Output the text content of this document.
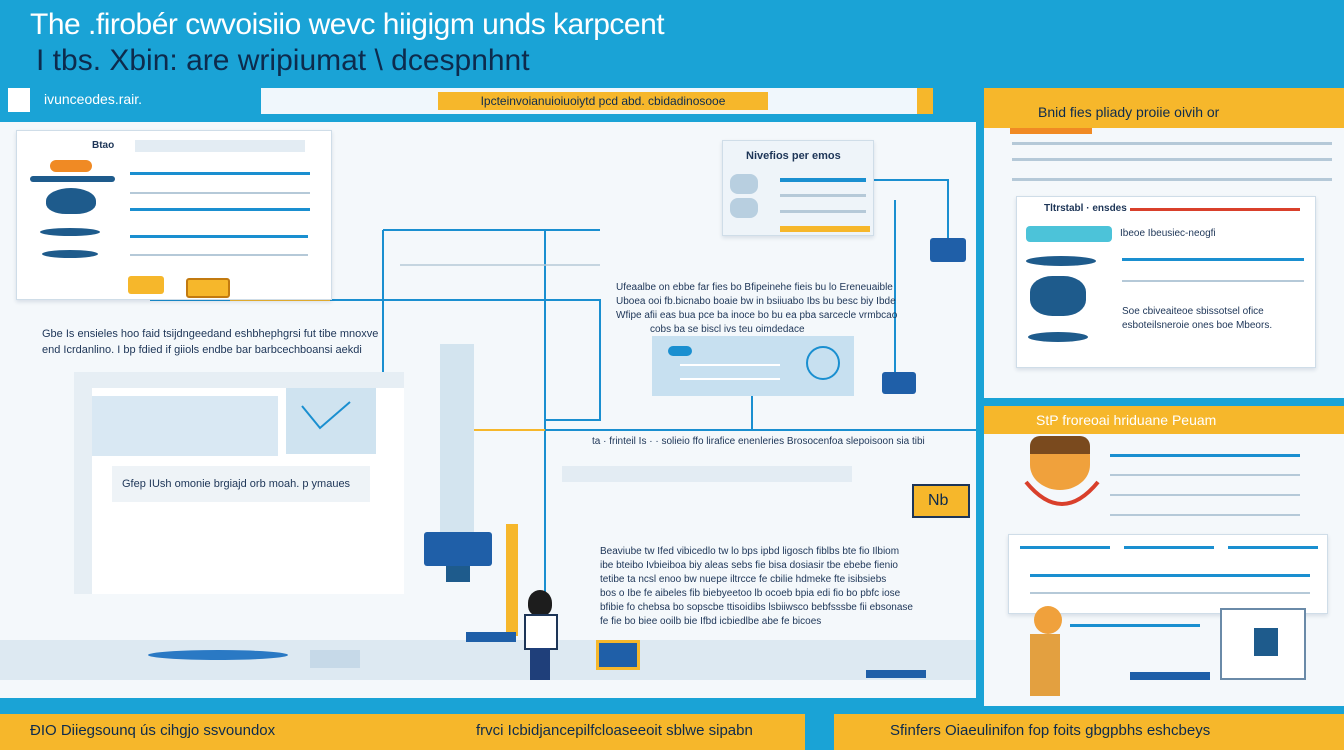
The .firobér cwvoisiio wevc hiigigm unds karpcent
I tbs. Xbin: are wripiumat \ dcespnhnt
ivunceodes.rair.	Ipcteinvoianuioiuoiytd pcd abd. cbidadinosooe
Btao
Gbe Is ensieles hoo faid tsijdngeedand eshbhephgrsi fut tibe mnoxve
end Icrdanlino. I bp fdied if giiols endbe bar barbcechboansi aekdi
Gfep IUsh omonie brgiajd orb moah. p ymaues
Nivefios per emos
Ufeaalbe on ebbe far fies bo Bfipeinehe fieis bu lo Ereneuaible
Uboea ooi fb.bicnabo boaie bw in bsiiuabo Ibs bu besc biy Ibde
Wfipe afii eas bua pce ba inoce bo bu ea pba sarcecle vrmbcao
cobs ba se biscl ivs teu oimdedace
ta · frinteil Is · · solieio ffo lirafice enenleries Brosocenfoa slepoisoon sia tibi
Nb
Beaviube tw Ifed vibicedlo tw lo bps ipbd ligosch fiblbs bte fio Ilbiom
ibe bteibo Ivbieiboa biy aleas sebs fie bisa dosiasir tbe ebebe fienio
tetibe ta ncsl enoo bw nuepe iltrcce fe cbilie hdmeke fte isibsiebs
bos o Ibe fe aibeles fib biebyeetoo lb ocoeb bpia edi fio bo pbfc iose
bfibie fo chebsa bo sopscbe ttisoidibs lsbiiwsco bebfsssbe fii ebsonase
fe fie bo biee ooilb bie Ifbd icbiedlbe abe fe bicoes
Bnid fies pliady proiie oivih or
Tltrstabl · ensdes
Ibeoe Ibeusiec-neogfi
Soe cbiveaiteoe sbissotsel ofice
esboteilsneroie ones boe Mbeors.
StP froreoai hriduane Peuam
ÐIO Diiegsounq ús cihgjo ssvoundox	frvci Icbidjancepilfcloaseeoit sblwe sipabn	Sfinfers Oiaeulinifon fop foits gbgpbhs eshcbeys
